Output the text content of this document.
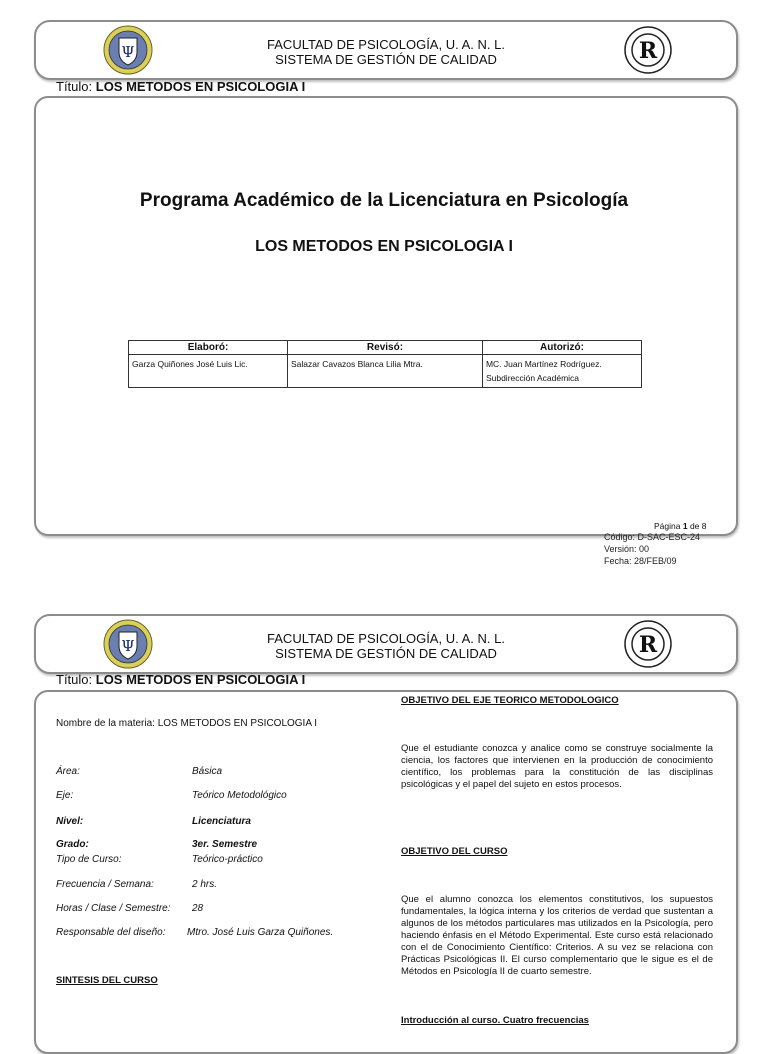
Ψ	FACULTAD DE PSICOLOGÍA, U. A. N. L.
SISTEMA DE GESTIÓN DE CALIDAD	R
Título: LOS METODOS EN PSICOLOGIA I
Programa Académico de la Licenciatura en Psicología
LOS METODOS EN PSICOLOGIA I
Elaboró:	Revisó:	Autorizó:
Garza Quiñones José Luis Lic.	Salazar Cavazos Blanca Lilia Mtra.	MC. Juan Martínez Rodríguez.
Subdirección Académica
Página 1 de 8
Código: D-SAC-ESC-24
Versión: 00
Fecha: 28/FEB/09
Ψ	FACULTAD DE PSICOLOGÍA, U. A. N. L.
SISTEMA DE GESTIÓN DE CALIDAD	R
Título: LOS METODOS EN PSICOLOGIA I
Nombre de la materia: LOS METODOS EN PSICOLOGIA I
Área:	Básica
Eje:	Teórico Metodológico
Nivel:	Licenciatura
Grado:	3er. Semestre
Tipo de Curso:	Teórico-práctico
Frecuencia / Semana:	2 hrs.
Horas / Clase / Semestre: 28
Responsable del diseño: Mtro. José Luis Garza Quiñones.
SINTESIS DEL CURSO
OBJETIVO DEL EJE TEORICO METODOLOGICO
Que el estudiante conozca y analice como se construye socialmente la ciencia, los factores que intervienen en la producción de conocimiento científico, los problemas para la constitución de las disciplinas psicológicas y el papel del sujeto en estos procesos.
OBJETIVO DEL CURSO
Que el alumno conozca los elementos constitutivos, los supuestos fundamentales, la lógica interna y los criterios de verdad que sustentan a algunos de los métodos particulares mas utilizados en la Psicología, pero haciendo énfasis en el Método Experimental. Este curso está relacionado con el de Conocimiento Científico: Criterios. A su vez se relaciona con Prácticas Psicológicas II. El curso complementario que le sigue es el de Métodos en Psicología II de cuarto semestre.
Introducción al curso. Cuatro frecuencias
